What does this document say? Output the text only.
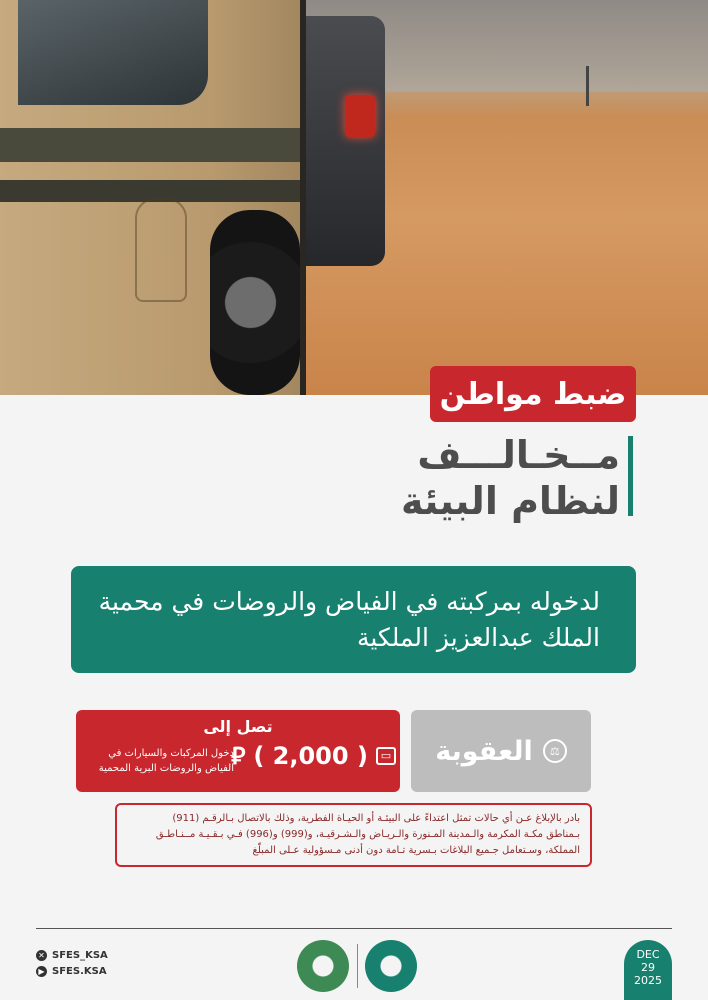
ضبط مواطن
مــخـالـــف
لنظام البيئة
لدخوله بمركبته في الفياض والروضات في محمية
الملك عبدالعزيز الملكية
تصل إلى
⃁ ( 2,000 )	▭
دخول المركبات والسيارات في
الفياض والروضات البرية المحمية
العقوبة	⚖
بادر بالإبلاغ عـن أي حالات تمثل اعتداءً على البيئـة أو الحيـاة الفطرية، وذلك بالاتصال بـالرقـم (911)
بـمناطق مكـة المكرمة والـمدينة المـنورة والـريـاض والـشـرقيـة، و(999) و(996) فـي بـقـيـة مــنـاطـق
المملكة، وسـتعامل جـميع البلاغات بـسرية تـامة دون أدنى مـسؤولية عـلى المبلّغ
✕ SFES_KSA
▶ SFES.KSA
DEC
29
2025
